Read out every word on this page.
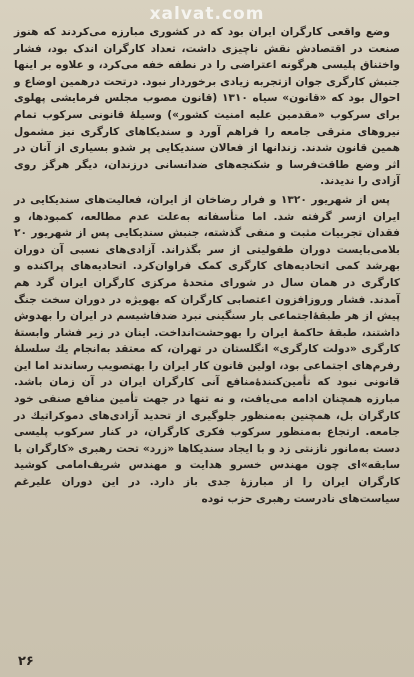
xalvat.com

وضع واقعی کارگران ایران بود که در کشوری مبارزه می‌کردند که هنوز صنعت در اقتصادش نقش ناچیزی داشت، تعداد کارگران اندک بود، فشار واختناق پلیسی هرگونه اعتراضی را در نطفه خفه می‌کرد، و علاوه بر اینها جنبش کارگری جوان ازتجربه زیادی برخوردار نبود. درتحت درهمین اوضاع و احوال بود که «قانون» سیاه ۱۳۱۰ (قانون مصوب مجلس فرمایشی پهلوی برای سرکوب «مقدمین علیه امنیت کشور») وسیلهٔ قانونی سرکوب تمام نیروهای مترقی جامعه را فراهم آورد و سندیکاهای کارگری نیز مشمول همین قانون شدند. زندانها از فعالان سندیکایی پر شدو بسیاری از آنان در اثر وضع طاقت‌فرسا و شکنجه‌های ضدانسانی درزندان، دیگر هرگز روی آزادی را ندیدند.

پس از شهریور ۱۳۲۰ و فرار رضاخان از ایران، فعالیت‌های سندیکایی در ایران ازسر گرفته شد. اما متأسفانه به‌علت عدم مطالعه، کمبودها، و فقدان تجربیات مثبت و منفی گذشته، جنبش سندیکایی پس از شهریور ۲۰ بلامی‌بایست دوران طفولیتی از سر بگذراند. آزادی‌های نسبی آن دوران بهرشد کمی اتحادیه‌های کارگری کمک فراوان‌کرد. اتحادیه‌های پراکنده و کارگری در همان سال در شورای متحدهٔ مرکزی کارگران ایران گرد هم آمدند. فشار وروزافزون اعتصابی کارگران که بهویژه در دوران سخت جنگ پیش از هر طبقهٔ‌اجتماعی بار سنگینی نبرد ضدفاشیسم در ایران را بهدوش داشتند، طبقهٔ حاکمهٔ ایران را بهوحشت‌انداخت. اینان در زیر فشار وابستهٔ کارگری «دولت کارگری» انگلستان در تهران، که معتقد به‌انجام یك سلسلهٔ رفرم‌های اجتماعی بود، اولین قانون کار ایران را بهتصویب رساندند اما این قانونی نبود که تأمین‌کنندهٔ‌منافع آنی کارگران ایران در آن زمان باشد. مبارزه همچنان ادامه می‌یافت، و نه تنها در جهت تأمین منافع صنفی خود کارگران بل، همچنین به‌منظور جلوگیری از تحدید آزادی‌های دموکراتیك در جامعه. ارتجاع به‌منظور سرکوب فکری کارگران، در کنار سرکوب پلیسی دست به‌مانور نازنتی زد و با ایجاد سندیکاها «زرد» تحت رهبری «کارگران با سابقه»ای چون مهندس خسرو هدایت و مهندس شریف‌امامی کوشید کارگران ایران را از مبارزهٔ جدی باز دارد. در این دوران علیرغم سیاست‌های نادرست رهبری حزب توده

۲۶
